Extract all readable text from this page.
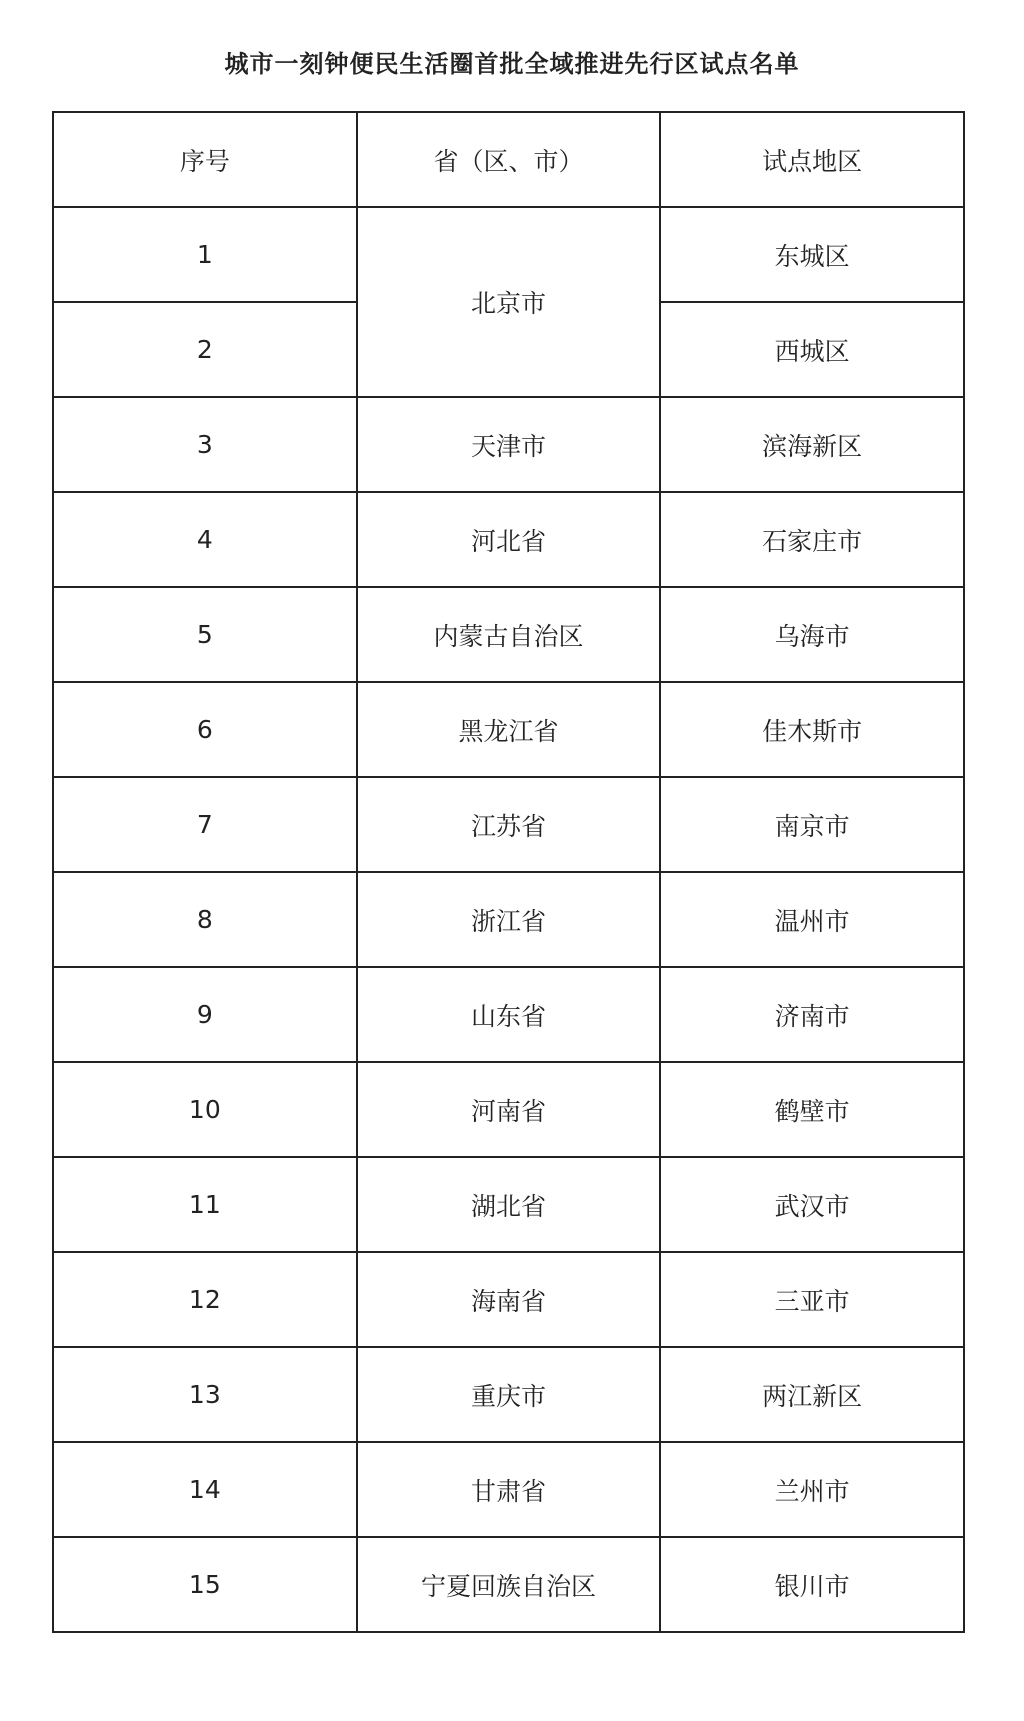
城市一刻钟便民生活圈首批全域推进先行区试点名单
序号	省（区、市）	试点地区
1	北京市	东城区
2		西城区
3	天津市	滨海新区
4	河北省	石家庄市
5	内蒙古自治区	乌海市
6	黑龙江省	佳木斯市
7	江苏省	南京市
8	浙江省	温州市
9	山东省	济南市
10	河南省	鹤壁市
11	湖北省	武汉市
12	海南省	三亚市
13	重庆市	两江新区
14	甘肃省	兰州市
15	宁夏回族自治区	银川市
